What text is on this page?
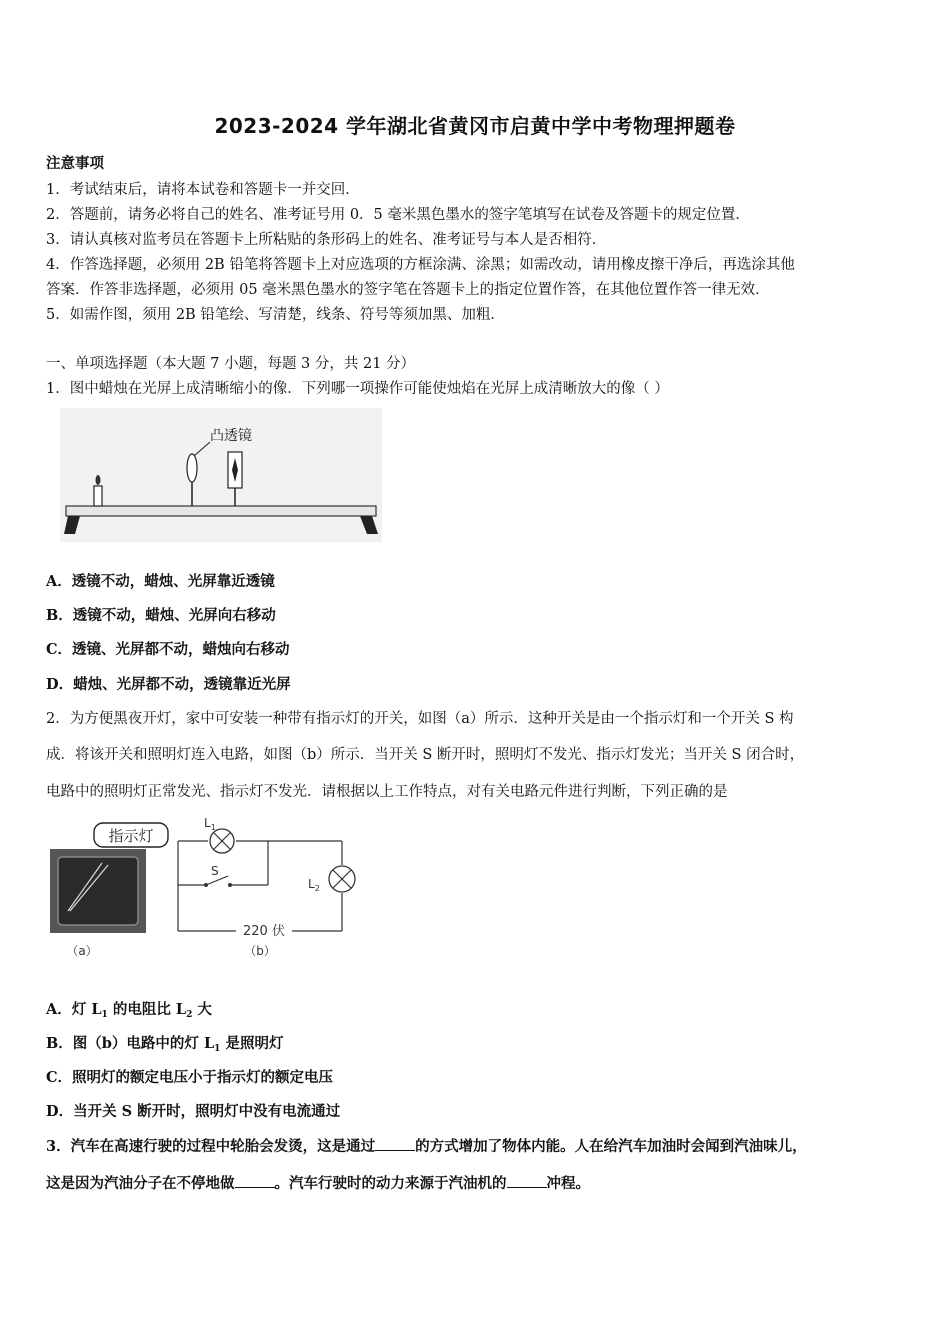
2023-2024 学年湖北省黄冈市启黄中学中考物理押题卷
注意事项
1．考试结束后，请将本试卷和答题卡一并交回．
2．答题前，请务必将自己的姓名、准考证号用 0．5 毫米黑色墨水的签字笔填写在试卷及答题卡的规定位置．
3．请认真核对监考员在答题卡上所粘贴的条形码上的姓名、准考证号与本人是否相符．
4．作答选择题，必须用 2B 铅笔将答题卡上对应选项的方框涂满、涂黑；如需改动，请用橡皮擦干净后，再选涂其他
答案．作答非选择题，必须用 05 毫米黑色墨水的签字笔在答题卡上的指定位置作答，在其他位置作答一律无效．
5．如需作图，须用 2B 铅笔绘、写清楚，线条、符号等须加黑、加粗．
一、单项选择题（本大题 7 小题，每题 3 分，共 21 分）
1．图中蜡烛在光屏上成清晰缩小的像．下列哪一项操作可能使烛焰在光屏上成清晰放大的像（ ）
凸透镜
A．透镜不动，蜡烛、光屏靠近透镜
B．透镜不动，蜡烛、光屏向右移动
C．透镜、光屏都不动，蜡烛向右移动
D．蜡烛、光屏都不动，透镜靠近光屏
2．为方便黑夜开灯，家中可安装一种带有指示灯的开关，如图（a）所示．这种开关是由一个指示灯和一个开关 S 构
成．将该开关和照明灯连入电路，如图（b）所示．当开关 S 断开时，照明灯不发光、指示灯发光；当开关 S 闭合时，
电路中的照明灯正常发光、指示灯不发光．请根据以上工作特点，对有关电路元件进行判断，下列正确的是
指示灯
$L_1$
S
$L_2$
220 伏
（a）	（b）
A．灯 $L_1$ 的电阻比 $L_2$ 大
B．图（b）电路中的灯 $L_1$ 是照明灯
C．照明灯的额定电压小于指示灯的额定电压
D．当开关 S 断开时，照明灯中没有电流通过
3．汽车在高速行驶的过程中轮胎会发烫，这是通过	的方式增加了物体内能。人在给汽车加油时会闻到汽油味儿，
这是因为汽油分子在不停地做	。汽车行驶时的动力来源于汽油机的	冲程。
